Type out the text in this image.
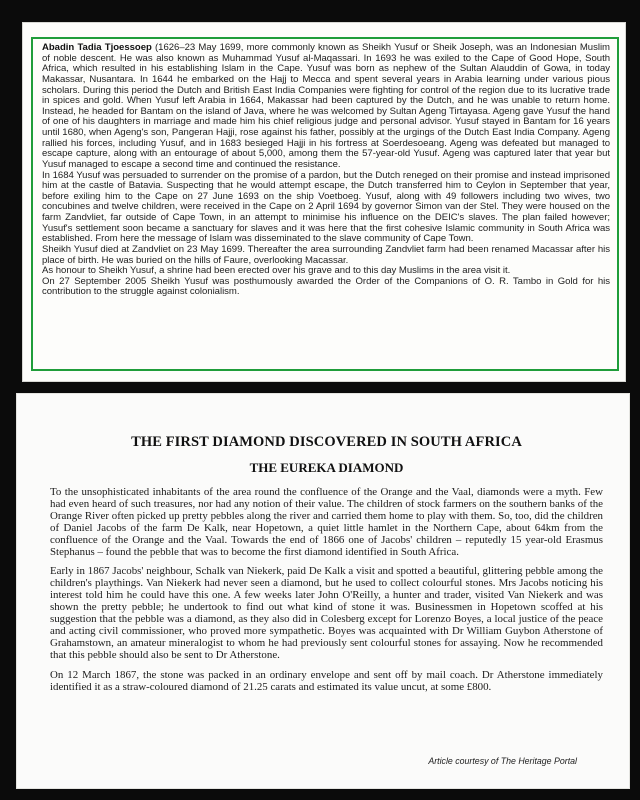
Abadin Tadia Tjoessoep (1626–23 May 1699, more commonly known as Sheikh Yusuf or Sheik Joseph, was an Indonesian Muslim of noble descent. He was also known as Muhammad Yusuf al-Maqassari. In 1693 he was exiled to the Cape of Good Hope, South Africa, which resulted in his establishing Islam in the Cape. Yusuf was born as nephew of the Sultan Alauddin of Gowa, in today Makassar, Nusantara. In 1644 he embarked on the Hajj to Mecca and spent several years in Arabia learning under various pious scholars. During this period the Dutch and British East India Companies were fighting for control of the region due to its lucrative trade in spices and gold. When Yusuf left Arabia in 1664, Makassar had been captured by the Dutch, and he was unable to return home. Instead, he headed for Bantam on the island of Java, where he was welcomed by Sultan Ageng Tirtayasa. Ageng gave Yusuf the hand of one of his daughters in marriage and made him his chief religious judge and personal advisor. Yusuf stayed in Bantam for 16 years until 1680, when Ageng's son, Pangeran Hajji, rose against his father, possibly at the urgings of the Dutch East India Company. Ageng rallied his forces, including Yusuf, and in 1683 besieged Hajji in his fortress at Soerdesoeang. Ageng was defeated but managed to escape capture, along with an entourage of about 5,000, among them the 57-year-old Yusuf. Ageng was captured later that year but Yusuf managed to escape a second time and continued the resistance.

In 1684 Yusuf was persuaded to surrender on the promise of a pardon, but the Dutch reneged on their promise and instead imprisoned him at the castle of Batavia. Suspecting that he would attempt escape, the Dutch transferred him to Ceylon in September that year, before exiling him to the Cape on 27 June 1693 on the ship Voetboeg. Yusuf, along with 49 followers including two wives, two concubines and twelve children, were received in the Cape on 2 April 1694 by governor Simon van der Stel. They were housed on the farm Zandvliet, far outside of Cape Town, in an attempt to minimise his influence on the DEIC's slaves. The plan failed however; Yusuf's settlement soon became a sanctuary for slaves and it was here that the first cohesive Islamic community in South Africa was established. From here the message of Islam was disseminated to the slave community of Cape Town.

Sheikh Yusuf died at Zandvliet on 23 May 1699. Thereafter the area surrounding Zandvliet farm had been renamed Macassar after his place of birth. He was buried on the hills of Faure, overlooking Macassar.

As honour to Sheikh Yusuf, a shrine had been erected over his grave and to this day Muslims in the area visit it.

On 27 September 2005 Sheikh Yusuf was posthumously awarded the Order of the Companions of O. R. Tambo in Gold for his contribution to the struggle against colonialism.

THE FIRST DIAMOND DISCOVERED IN SOUTH AFRICA
THE EUREKA DIAMOND

To the unsophisticated inhabitants of the area round the confluence of the Orange and the Vaal, diamonds were a myth. Few had even heard of such treasures, nor had any notion of their value. The children of stock farmers on the southern banks of the Orange River often picked up pretty pebbles along the river and carried them home to play with them. So, too, did the children of Daniel Jacobs of the farm De Kalk, near Hopetown, a quiet little hamlet in the Northern Cape, about 64km from the confluence of the Orange and the Vaal. Towards the end of 1866 one of Jacobs' children – reputedly 15 year-old Erasmus Stephanus – found the pebble that was to become the first diamond identified in South Africa.

Early in 1867 Jacobs' neighbour, Schalk van Niekerk, paid De Kalk a visit and spotted a beautiful, glittering pebble among the children's playthings. Van Niekerk had never seen a diamond, but he used to collect colourful stones. Mrs Jacobs noticing his interest told him he could have this one. A few weeks later John O'Reilly, a hunter and trader, visited Van Niekerk and was shown the pretty pebble; he undertook to find out what kind of stone it was. Businessmen in Hopetown scoffed at his suggestion that the pebble was a diamond, as they also did in Colesberg except for Lorenzo Boyes, a local justice of the peace and acting civil commissioner, who proved more sympathetic. Boyes was acquainted with Dr William Guybon Atherstone of Grahamstown, an amateur mineralogist to whom he had previously sent colourful stones for assaying. Now he recommended that this pebble should also be sent to Dr Atherstone.

On 12 March 1867, the stone was packed in an ordinary envelope and sent off by mail coach. Dr Atherstone immediately identified it as a straw-coloured diamond of 21.25 carats and estimated its value uncut, at some £800.

Article courtesy of The Heritage Portal
